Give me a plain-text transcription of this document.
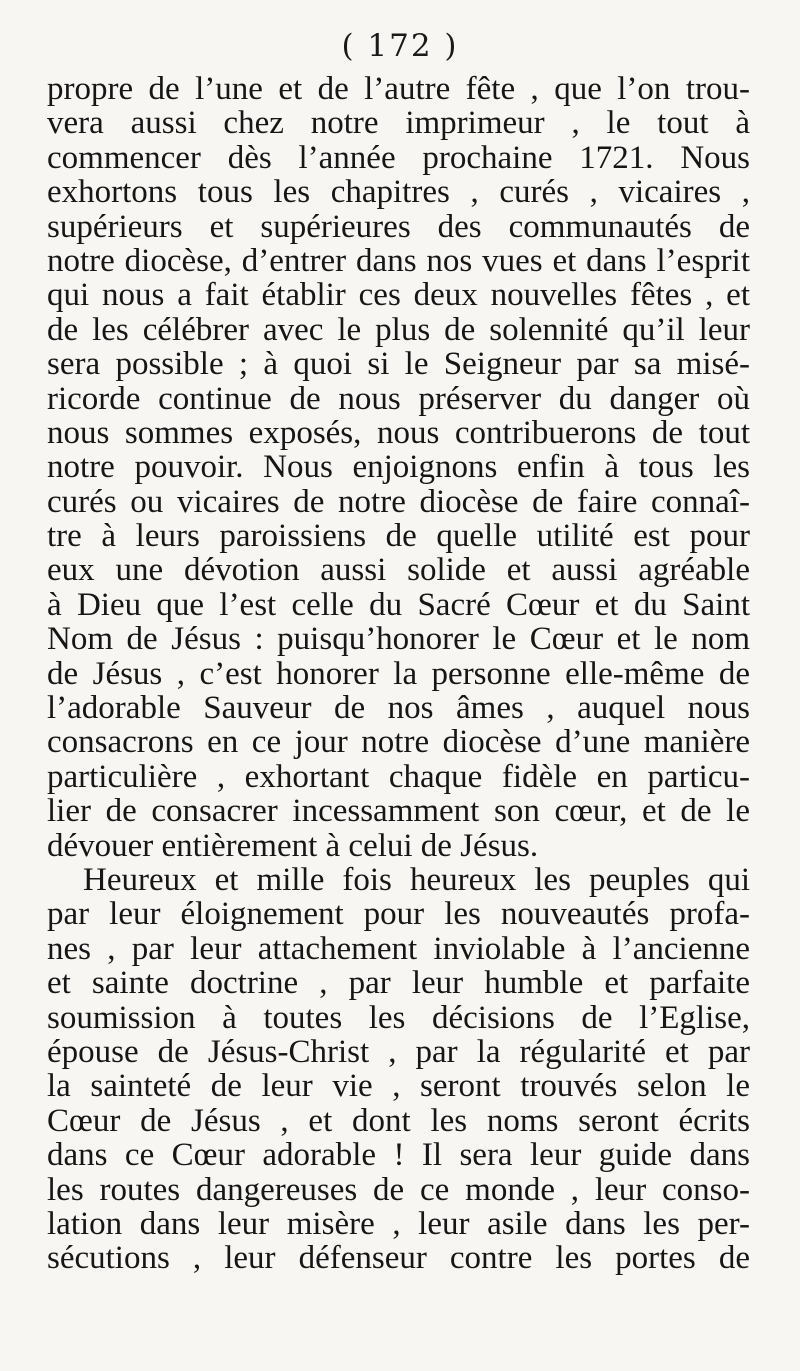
( 172 )
propre de l’une et de l’autre fête , que l’on trou-
vera aussi chez notre imprimeur , le tout à
commencer dès l’année prochaine 1721. Nous
exhortons tous les chapitres , curés , vicaires ,
supérieurs et supérieures des communautés de
notre diocèse, d’entrer dans nos vues et dans l’esprit
qui nous a fait établir ces deux nouvelles fêtes , et
de les célébrer avec le plus de solennité qu’il leur
sera possible ; à quoi si le Seigneur par sa misé-
ricorde continue de nous préserver du danger où
nous sommes exposés, nous contribuerons de tout
notre pouvoir. Nous enjoignons enfin à tous les
curés ou vicaires de notre diocèse de faire connaî-
tre à leurs paroissiens de quelle utilité est pour
eux une dévotion aussi solide et aussi agréable
à Dieu que l’est celle du Sacré Cœur et du Saint
Nom de Jésus : puisqu’honorer le Cœur et le nom
de Jésus , c’est honorer la personne elle-même de
l’adorable Sauveur de nos âmes , auquel nous
consacrons en ce jour notre diocèse d’une manière
particulière , exhortant chaque fidèle en particu-
lier de consacrer incessamment son cœur, et de le
dévouer entièrement à celui de Jésus.
Heureux et mille fois heureux les peuples qui
par leur éloignement pour les nouveautés profa-
nes , par leur attachement inviolable à l’ancienne
et sainte doctrine , par leur humble et parfaite
soumission à toutes les décisions de l’Eglise,
épouse de Jésus-Christ , par la régularité et par
la sainteté de leur vie , seront trouvés selon le
Cœur de Jésus , et dont les noms seront écrits
dans ce Cœur adorable ! Il sera leur guide dans
les routes dangereuses de ce monde , leur conso-
lation dans leur misère , leur asile dans les per-
sécutions , leur défenseur contre les portes de
